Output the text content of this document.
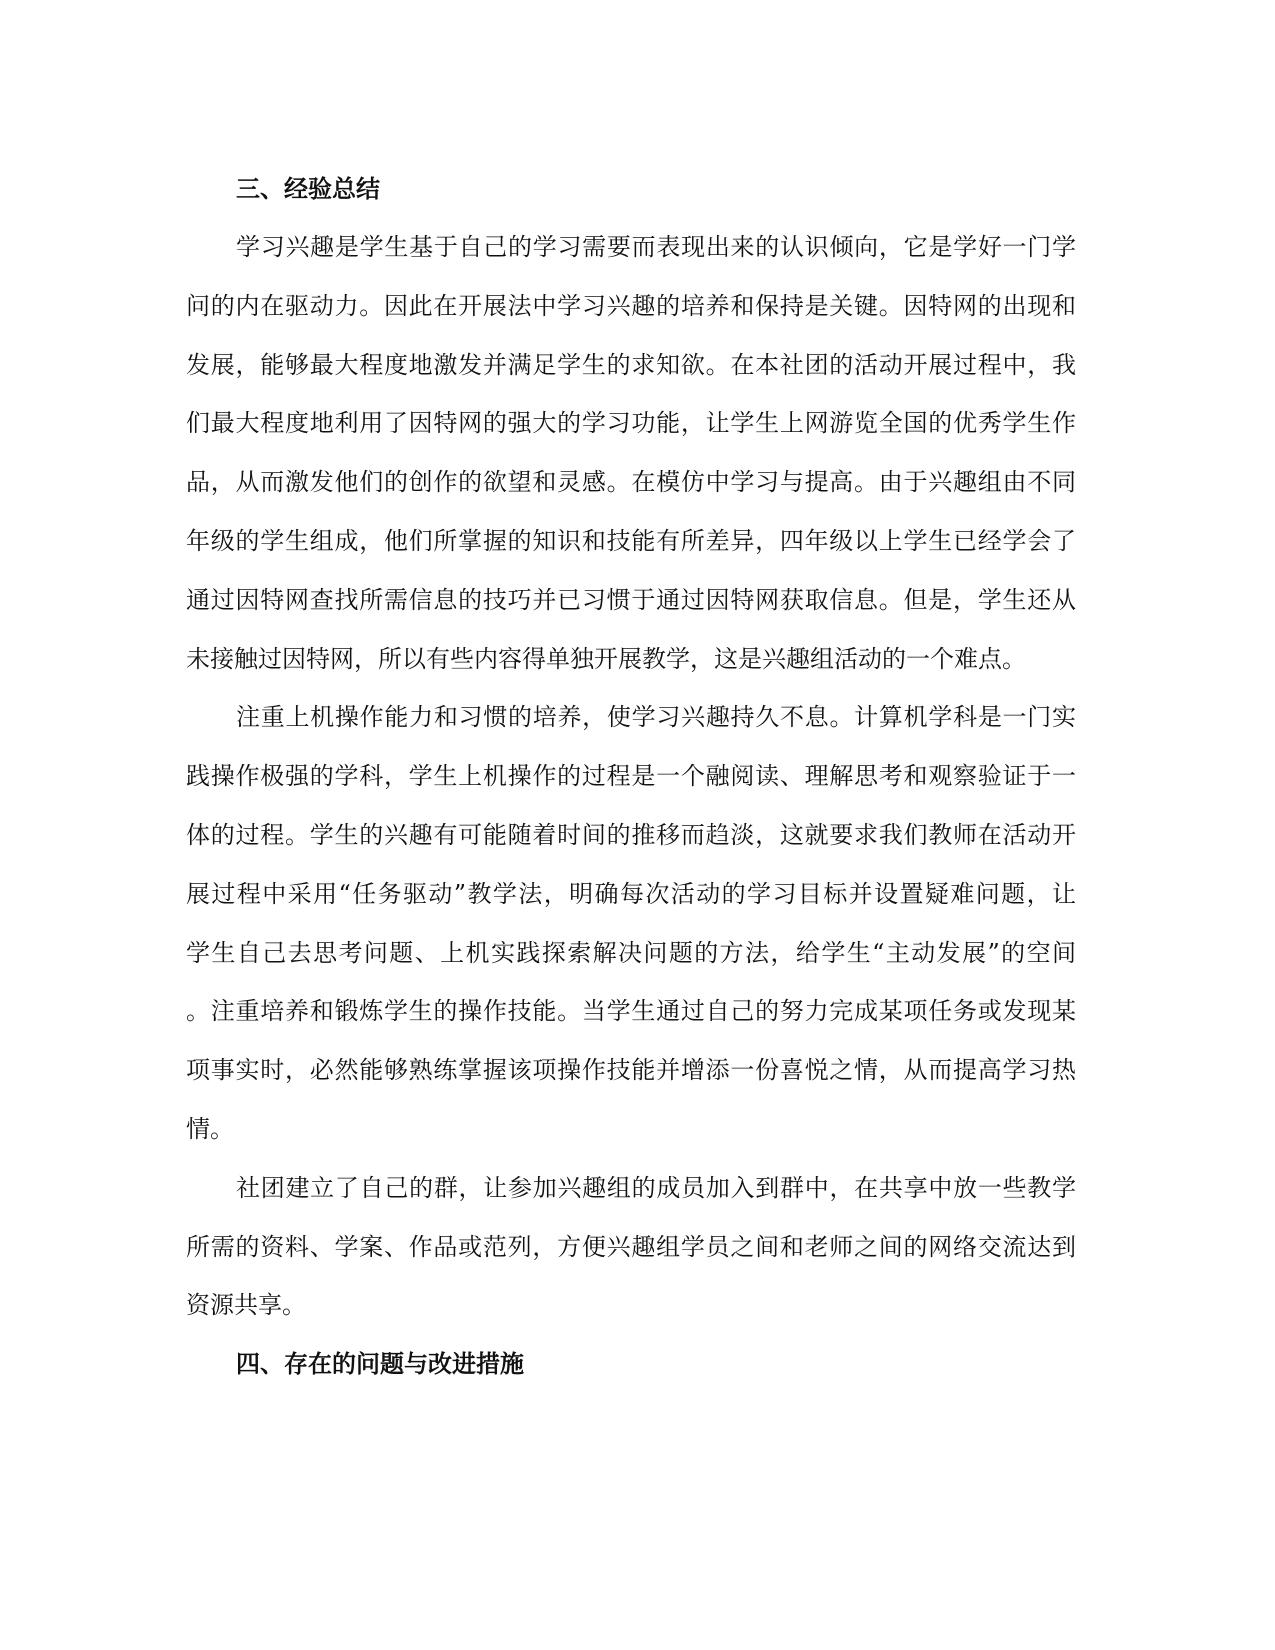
三、经验总结

学习兴趣是学生基于自己的学习需要而表现出来的认识倾向，它是学好一门学
问的内在驱动力。因此在开展法中学习兴趣的培养和保持是关键。因特网的出现和
发展，能够最大程度地激发并满足学生的求知欲。在本社团的活动开展过程中，我
们最大程度地利用了因特网的强大的学习功能，让学生上网游览全国的优秀学生作
品，从而激发他们的创作的欲望和灵感。在模仿中学习与提高。由于兴趣组由不同
年级的学生组成，他们所掌握的知识和技能有所差异，四年级以上学生已经学会了
通过因特网查找所需信息的技巧并已习惯于通过因特网获取信息。但是，学生还从
未接触过因特网，所以有些内容得单独开展教学，这是兴趣组活动的一个难点。
注重上机操作能力和习惯的培养，使学习兴趣持久不息。计算机学科是一门实
践操作极强的学科，学生上机操作的过程是一个融阅读、理解思考和观察验证于一
体的过程。学生的兴趣有可能随着时间的推移而趋淡，这就要求我们教师在活动开
展过程中采用“任务驱动”教学法，明确每次活动的学习目标并设置疑难问题，让
学生自己去思考问题、上机实践探索解决问题的方法，给学生“主动发展”的空间
。注重培养和锻炼学生的操作技能。当学生通过自己的努力完成某项任务或发现某
项事实时，必然能够熟练掌握该项操作技能并增添一份喜悦之情，从而提高学习热
情。
社团建立了自己的群，让参加兴趣组的成员加入到群中，在共享中放一些教学
所需的资料、学案、作品或范列，方便兴趣组学员之间和老师之间的网络交流达到
资源共享。

四、存在的问题与改进措施
